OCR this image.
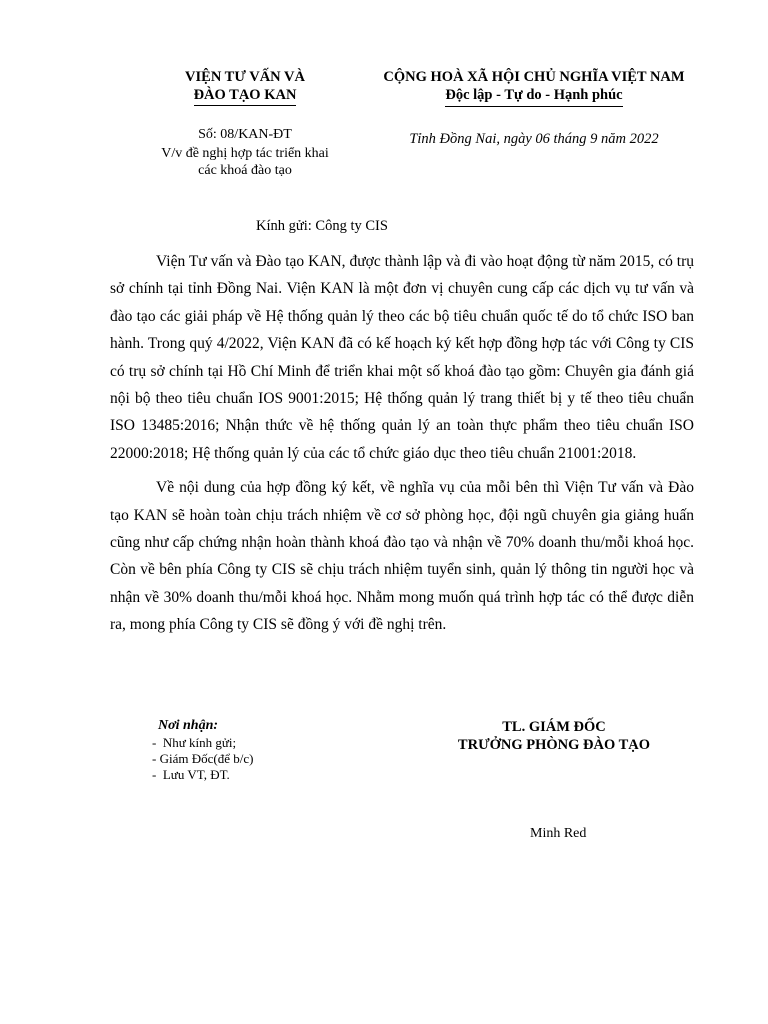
VIỆN TƯ VẤN VÀ
ĐÀO TẠO KAN
Số: 08/KAN-ĐT
V/v đề nghị hợp tác triển khai
các khoá đào tạo
CỘNG HOÀ XÃ HỘI CHỦ NGHĨA VIỆT NAM
Độc lập - Tự do - Hạnh phúc
Tỉnh Đồng Nai, ngày 06 tháng 9 năm 2022
Kính gửi: Công ty CIS

Viện Tư vấn và Đào tạo KAN, được thành lập và đi vào hoạt động từ năm 2015, có trụ sở chính tại tỉnh Đồng Nai. Viện KAN là một đơn vị chuyên cung cấp các dịch vụ tư vấn và đào tạo các giải pháp về Hệ thống quản lý theo các bộ tiêu chuẩn quốc tế do tổ chức ISO ban hành. Trong quý 4/2022, Viện KAN đã có kế hoạch ký kết hợp đồng hợp tác với Công ty CIS có trụ sở chính tại Hồ Chí Minh để triển khai một số khoá đào tạo gồm: Chuyên gia đánh giá nội bộ theo tiêu chuẩn IOS 9001:2015; Hệ thống quản lý trang thiết bị y tế theo tiêu chuẩn ISO 13485:2016; Nhận thức về hệ thống quản lý an toàn thực phẩm theo tiêu chuẩn ISO 22000:2018; Hệ thống quản lý của các tổ chức giáo dục theo tiêu chuẩn 21001:2018.

Về nội dung của hợp đồng ký kết, về nghĩa vụ của mỗi bên thì Viện Tư vấn và Đào tạo KAN sẽ hoàn toàn chịu trách nhiệm về cơ sở phòng học, đội ngũ chuyên gia giảng huấn cũng như cấp chứng nhận hoàn thành khoá đào tạo và nhận về 70% doanh thu/mỗi khoá học. Còn về bên phía Công ty CIS sẽ chịu trách nhiệm tuyển sinh, quản lý thông tin người học và nhận về 30% doanh thu/mỗi khoá học. Nhằm mong muốn quá trình hợp tác có thể được diễn ra, mong phía Công ty CIS sẽ đồng ý với đề nghị trên.

Nơi nhận:
-  Như kính gửi;
- Giám Đốc(để b/c)
-  Lưu VT, ĐT.
TL. GIÁM ĐỐC
TRƯỞNG PHÒNG ĐÀO TẠO
Minh Red
